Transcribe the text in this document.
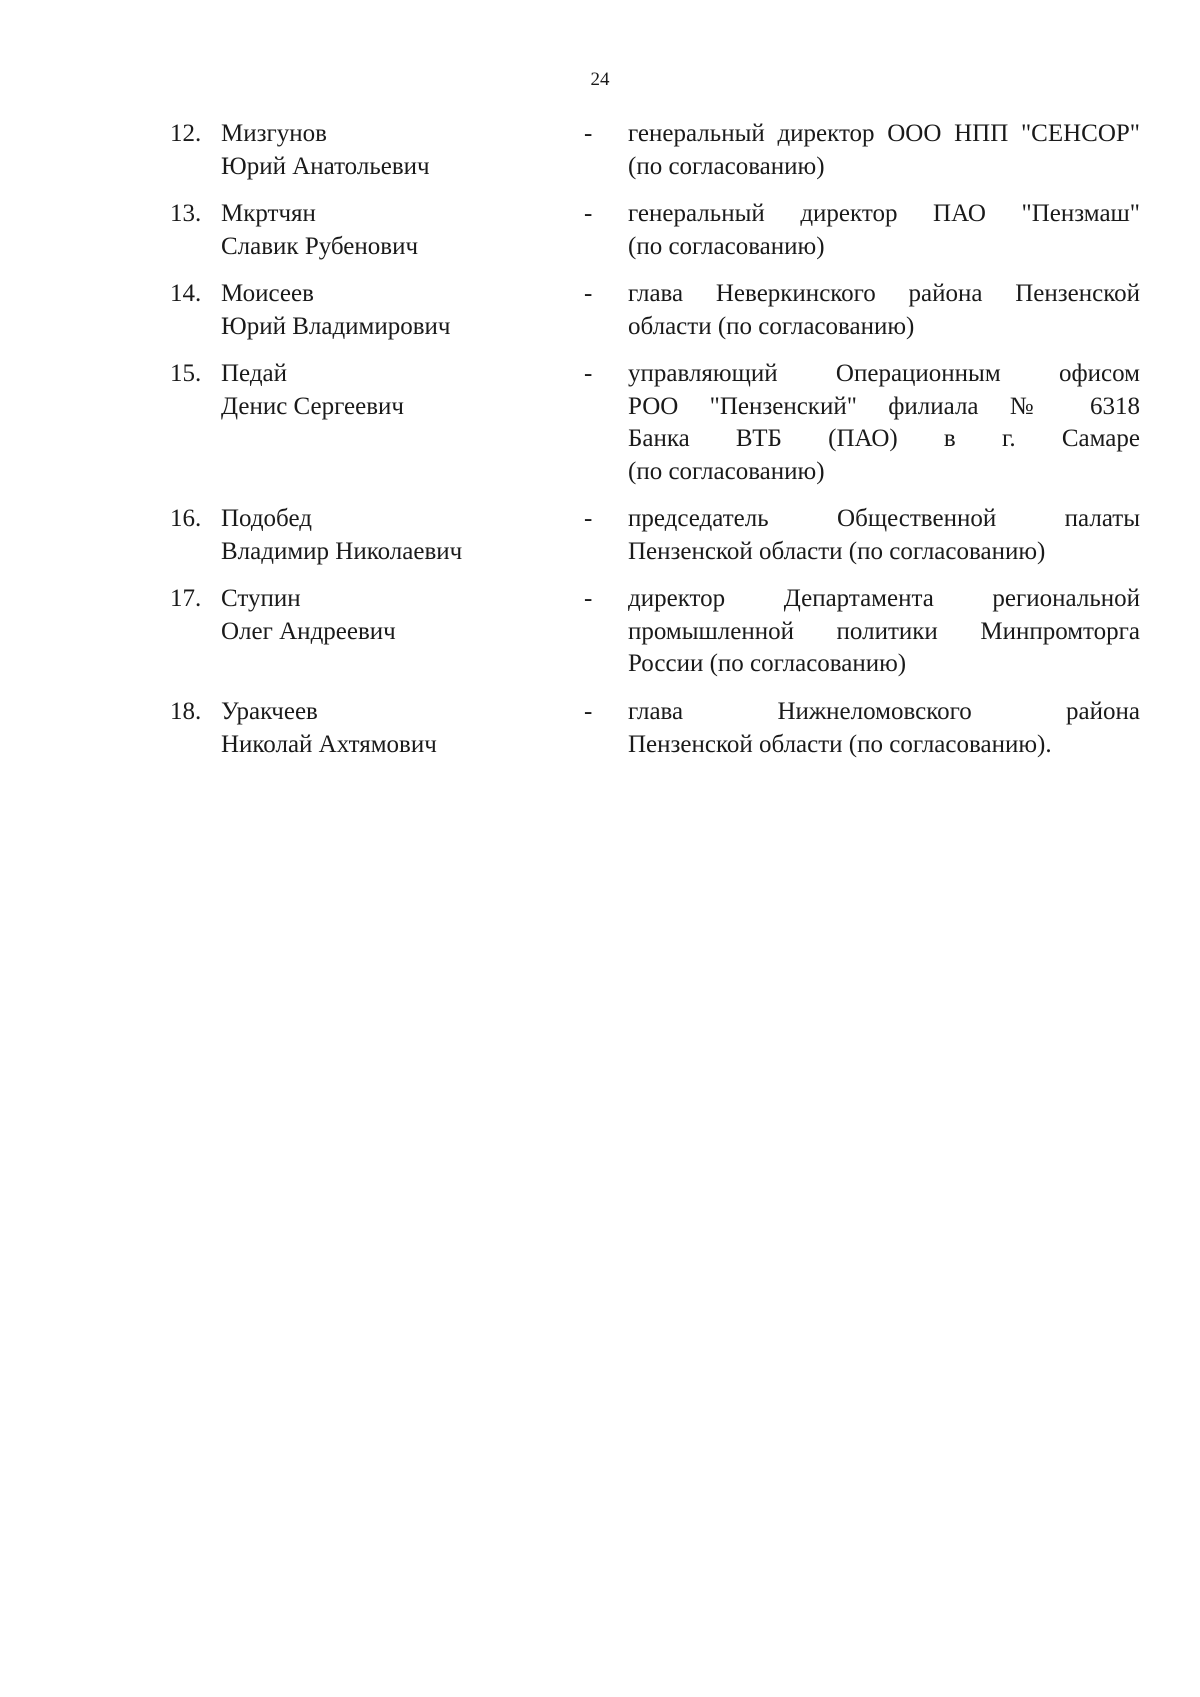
24
12. Мизгунов
Юрий Анатольевич
- генеральный директор ООО НПП "СЕНСОР"
(по согласованию)
13. Мкртчян
Славик Рубенович
- генеральный директор ПАО "Пензмаш"
(по согласованию)
14. Моисеев
Юрий Владимирович
- глава Неверкинского района Пензенской
области (по согласованию)
15. Педай
Денис Сергеевич
- управляющий Операционным офисом
РОО "Пензенский" филиала № 6318
Банка ВТБ (ПАО) в г. Самаре
(по согласованию)
16. Подобед
Владимир Николаевич
- председатель Общественной палаты
Пензенской области (по согласованию)
17. Ступин
Олег Андреевич
- директор Департамента региональной
промышленной политики Минпромторга
России (по согласованию)
18. Уракчеев
Николай Ахтямович
- глава Нижнеломовского района
Пензенской области (по согласованию).
